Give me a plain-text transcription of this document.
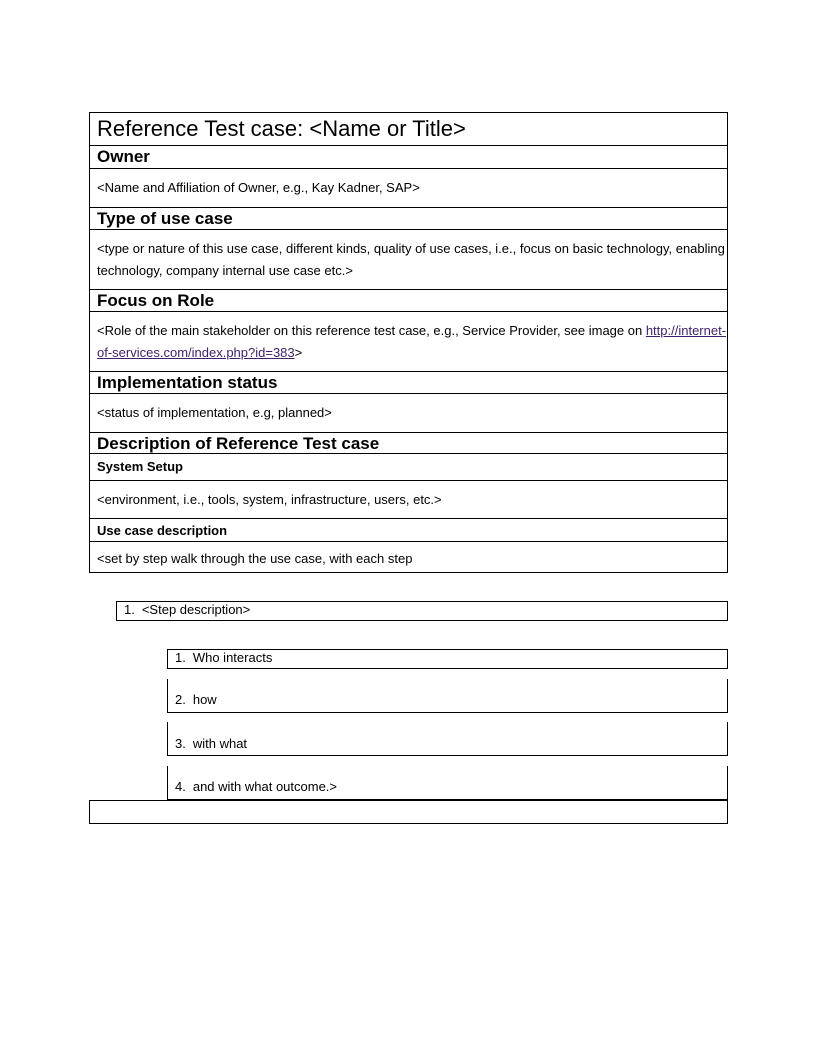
Reference Test case: <Name or Title>
Owner
<Name and Affiliation of Owner, e.g., Kay Kadner, SAP>
Type of use case
<type or nature of this use case, different kinds, quality of use cases, i.e., focus on basic technology, enabling technology, company internal use case etc.>
Focus on Role
<Role of the main stakeholder on this reference test case, e.g., Service Provider, see image on http://internet-of-services.com/index.php?id=383>
Implementation status
<status of implementation, e.g, planned>
Description of Reference Test case
System Setup
<environment, i.e., tools, system, infrastructure, users, etc.>
Use case description
<set by step walk through the use case, with each step
1. <Step description>
1. Who interacts
2. how
3. with what
4. and with what outcome.>
